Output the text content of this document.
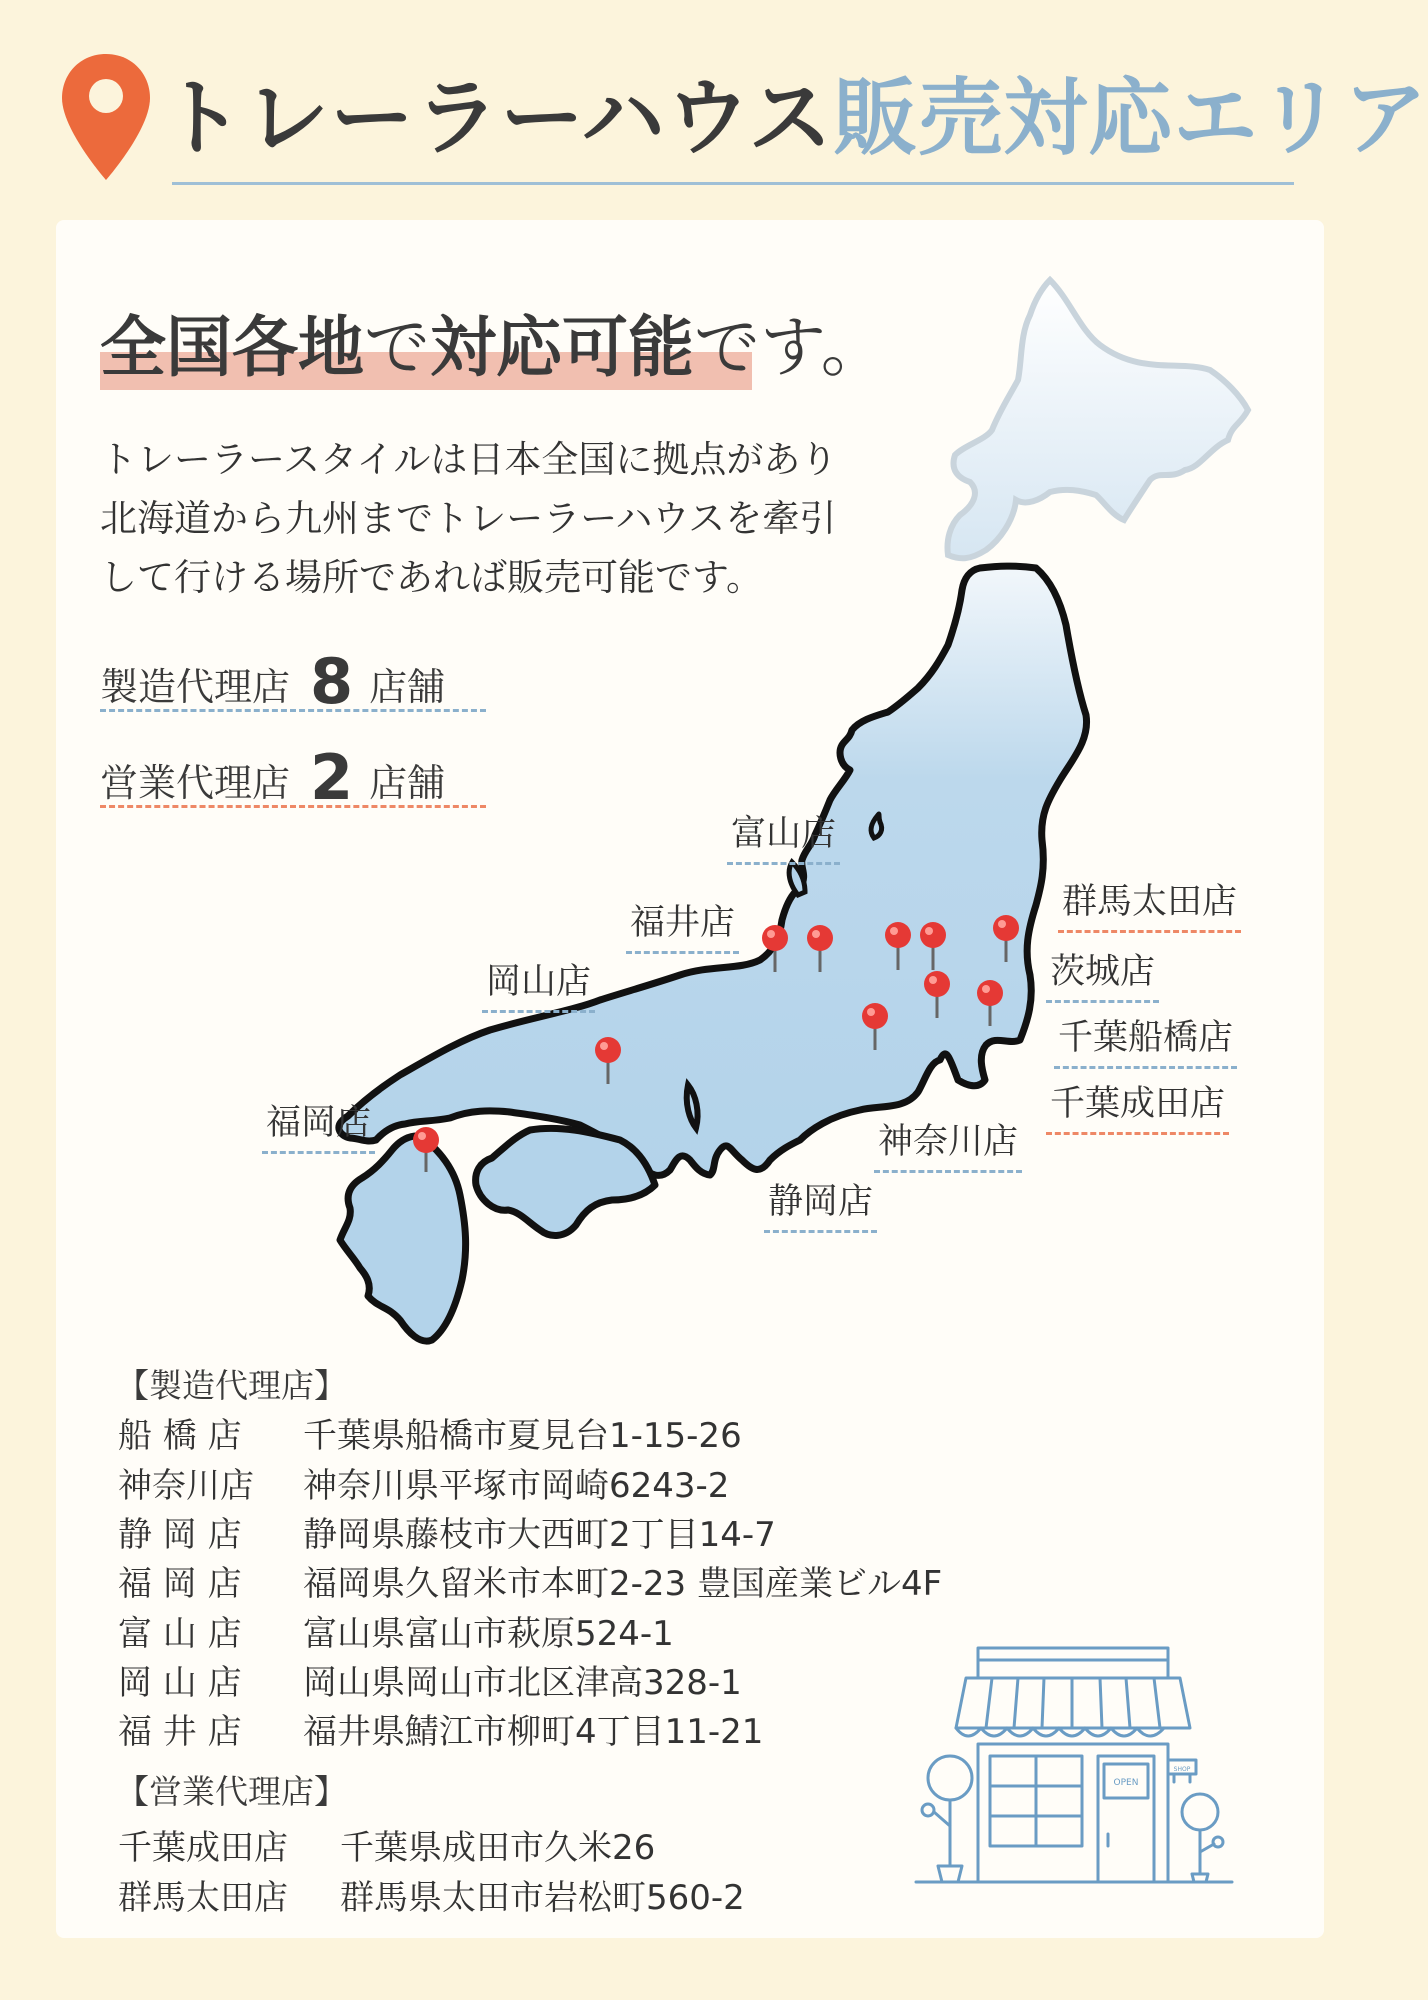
トレーラーハウス販売対応エリア
全国各地で対応可能です。
トレーラースタイルは日本全国に拠点があり
北海道から九州までトレーラーハウスを牽引
して行ける場所であれば販売可能です。
製造代理店 8 店舗
営業代理店 2 店舗
富山店
福井店
岡山店
福岡店
群馬太田店
茨城店
千葉船橋店
千葉成田店
神奈川店
静岡店
【製造代理店】
船 橋 店 千葉県船橋市夏見台1-15-26
神奈川店 神奈川県平塚市岡崎6243-2
静 岡 店 静岡県藤枝市大西町2丁目14-7
福 岡 店 福岡県久留米市本町2-23 豊国産業ビル4F
富 山 店 富山県富山市萩原524-1
岡 山 店 岡山県岡山市北区津高328-1
福 井 店 福井県鯖江市柳町4丁目11-21
【営業代理店】
千葉成田店 千葉県成田市久米26
群馬太田店 群馬県太田市岩松町560-2
OPEN
SHOP
